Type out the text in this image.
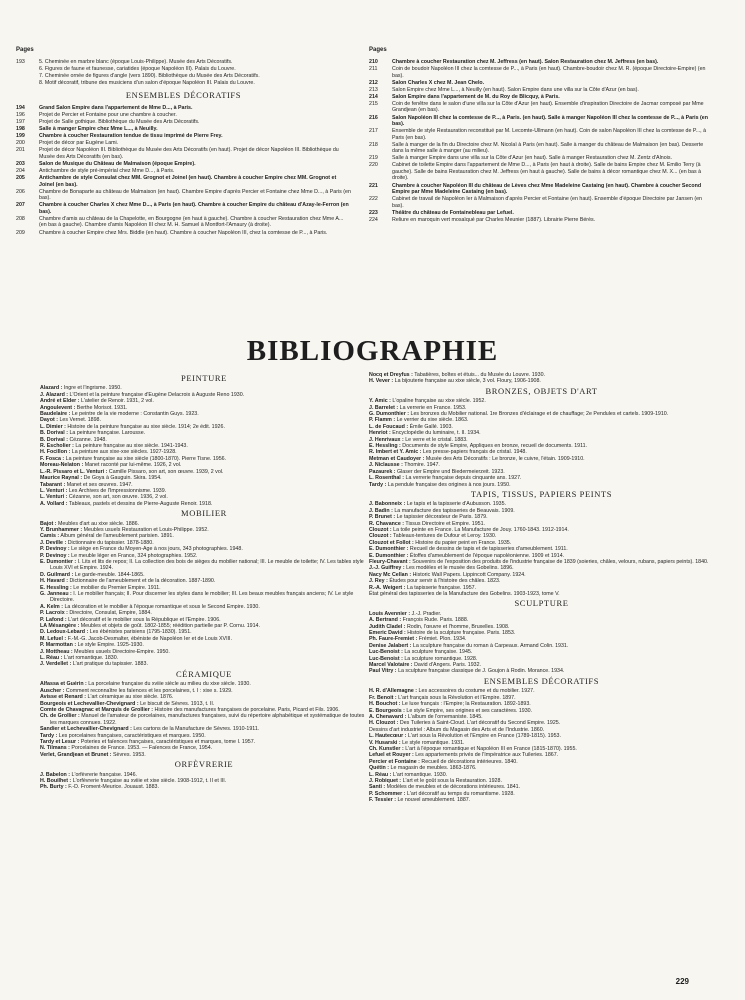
Pages
193	5. Cheminée en marbre blanc (époque Louis-Philippe). Musée des Arts Décoratifs.
6. Figures de faune et faunesse, cariatides (époque Napoléon III). Palais du Louvre.
7. Cheminée ornée de figures d'angle (vers 1890). Bibliothèque du Musée des Arts Décoratifs.
8. Motif décoratif, tribune des musiciens d'un salon d'époque Napoléon III. Palais du Louvre.
ENSEMBLES DÉCORATIFS
194	Grand Salon Empire dans l'appartement de Mme D..., à Paris.
196	Projet de Percier et Fontaine pour une chambre à coucher.
197	Projet de Salle gothique. Bibliothèque du Musée des Arts Décoratifs.
198	Salle à manger Empire chez Mme L..., à Neuilly.
199	Chambre à coucher Restauration tendue de tissu imprimé de Pierre Frey.
200	Projet de décor par Eugène Lami.
201	Projet de décor Napoléon III. Bibliothèque du Musée des Arts Décoratifs (en haut). Projet de décor Napoléon III. Bibliothèque du Musée des Arts Décoratifs (en bas).
203	Salon de Musique du Château de Malmaison (époque Empire).
204	Antichambre de style pré-impérial chez Mme D..., à Paris.
205	Antichambre de style Consulat chez MM. Grognot et Joinel (en haut). Chambre à coucher Empire chez MM. Grognot et Joinel (en bas).
206	Chambre de Bonaparte au château de Malmaison (en haut). Chambre Empire d'après Percier et Fontaine chez Mme D..., à Paris (en bas).
207	Chambre à coucher Charles X chez Mme D..., à Paris (en haut). Chambre à coucher Empire du château d'Azay-le-Ferron (en bas).
208	Chambre d'amis au château de la Chapelotte, en Bourgogne (en haut à gauche). Chambre à coucher Restauration chez Mme A... (en bas à gauche). Chambre d'amis Napoléon III chez M. H. Samuel à Montfort-l'Amaury (à droite).
209	Chambre à coucher Empire chez Mrs. Biddle (en haut). Chambre à coucher Napoléon III, chez la comtesse de P..., à Paris.
Pages
210	Chambre à coucher Restauration chez M. Jeffress (en haut). Salon Restauration chez M. Jeffress (en bas).
211	Coin de boudoir Napoléon III chez la comtesse de P..., à Paris (en haut). Chambre-boudoir chez M. R. (époque Directoire-Empire) (en bas).
212	Salon Charles X chez M. Jean Chelo.
213	Salon Empire chez Mme L..., à Neuilly (en haut). Salon Empire dans une villa sur la Côte d'Azur (en bas).
214	Salon Empire dans l'appartement de M. du Roy de Blicquy, à Paris.
215	Coin de fenêtre dans le salon d'une villa sur la Côte d'Azur (en haut). Ensemble d'inspiration Directoire de Jacmar composé par Mme Grandjean (en bas).
216	Salon Napoléon III chez la comtesse de P..., à Paris. (en haut). Salle à manger Napoléon III chez la comtesse de P..., à Paris (en bas).
217	Ensemble de style Restauration reconstitué par M. Lecomte-Ullmann (en haut). Coin de salon Napoléon III chez la comtesse de P..., à Paris (en bas).
218	Salle à manger de la fin du Directoire chez M. Nicolaï à Paris (en haut). Salle à manger du château de Malmaison (en bas). Desserte dans la même salle à manger (au milieu).
219	Salle à manger Empire dans une villa sur la Côte d'Azur (en haut). Salle à manger Restauration chez M. Zentz d'Alnois.
220	Cabinet de toilette Empire dans l'appartement de Mme D..., à Paris (en haut à droite). Salle de bains Empire chez M. Emilio Terry (à gauche). Salle de bains Restauration chez M. Jeffress (en haut à gauche). Salle de bains à décor romantique chez M. X... (en bas à droite).
221	Chambre à coucher Napoléon III du château de Lèves chez Mme Madeleine Castaing (en haut). Chambre à coucher Second Empire par Mme Madeleine Castaing (en bas).
222	Cabinet de travail de Napoléon Ier à Malmaison d'après Percier et Fontaine (en haut). Ensemble d'époque Directoire par Jansen (en bas).
223	Théâtre du château de Fontainebleau par Lefuel.
224	Reliure en maroquin vert mosaïqué par Charles Meunier (1887). Librairie Pierre Bérès.
BIBLIOGRAPHIE
PEINTURE
Alazard : Ingre et l'ingrisme. 1950.
J. Alazard : L'Orient et la peinture française d'Eugène Delacroix à Auguste Reno 1930.
André et Elder : L'atelier de Renoir. 1931, 2 vol.
Angoulevent : Berthe Morisot. 1931.
Baudelaire : Le peintre de la vie moderne : Constantin Guys. 1923.
Dayot : Les Vernet. 1898.
L. Dimier : Histoire de la peinture française au xixe siècle. 1914; 2e édit. 1926.
B. Dorival : La peinture française. Larousse.
B. Dorival : Cézanne. 1948.
R. Escholier : La peinture française au xixe siècle. 1941-1943.
H. Focillon : La peinture aux xixe-xxe siècles. 1927-1928.
F. Fosca : La peinture française au xixe siècle (1800-1870). Pierre Tisne. 1956.
Moreau-Nelaton : Manet raconté par lui-même. 1926, 2 vol.
L.-R. Pissaro et L. Venturi : Camille Pissaro, son art, son œuvre. 1939, 2 vol.
Maurice Raynal : De Goya à Gauguin. Skira. 1954.
Tabarant : Manet et ses œuvres. 1947.
L. Venturi : Les Archives de l'Impressionnisme. 1939.
L. Venturi : Cézanne, son art, son œuvre. 1936, 2 vol.
A. Vollard : Tableaux, pastels et dessins de Pierre-Auguste Renoir. 1918.
MOBILIER
Bajot : Meubles d'art au xixe siècle. 1886.
Y. Brunhammer : Meubles usuels Restauration et Louis-Philippe. 1952.
Camis : Album général de l'ameublement parisien. 1891.
J. Deville : Dictionnaire du tapissier. 1878-1880.
P. Devinoy : Le siège en France du Moyen-Age à nos jours, 343 photographies. 1948.
P. Devinoy : Le meuble léger en France, 324 photographies. 1952.
E. Dumontier : I. Lits et lits de repos; II. La collection des bois de sièges du mobilier national; III. Le meuble de toilette; IV. Les tables style Louis XVI et Empire. 1924.
D. Guilmard : Le garde-meuble. 1844-1865.
H. Havard : Dictionnaire de l'ameublement et de la décoration. 1887-1890.
E. Hessling : Le mobilier du Premier Empire. 1911.
G. Janneau : I. Le mobilier français; II. Pour discerner les styles dans le mobilier; III. Les beaux meubles français anciens; IV. Le style Directoire.
A. Kelm : La décoration et le mobilier à l'époque romantique et sous le Second Empire. 1930.
P. Lacroix : Directoire, Consulat, Empire, 1884.
P. Lafond : L'art décoratif et le mobilier sous la République et l'Empire. 1906.
LA Mésangère : Meubles et objets de goût. 1802-1855; réédition partielle par P. Cornu. 1914.
D. Ledoux-Lebard : Les ébénistes parisiens (1795-1830). 1951.
M. Lefuel : F.-M.-G. Jacob-Desmalter, ébéniste de Napoléon Ier et de Louis XVIII.
P. Marmottan : Le style Empire. 1925-1930.
J. Mottheau : Meubles usuels Directoire-Empire. 1950.
L. Réau : L'art romantique. 1830.
J. Verdellet : L'art pratique du tapissier. 1883.
CÉRAMIQUE
Alfassa et Guérin : La porcelaine française du xviiie siècle au milieu du xixe siècle. 1930.
Auscher : Comment reconnaître les faïences et les porcelaines, t. I : xixe s. 1929.
Avisse et Renard : L'art céramique au xixe siècle. 1876.
Bourgeois et Lechevallier-Chevignard : Le biscuit de Sèvres. 1913, t. II.
Comte de Chavagnac et Marquis de Grollier : Histoire des manufactures françaises de porcelaine. Paris, Picard et Fils. 1906.
Ch. de Grollier : Manuel de l'amateur de porcelaines, manufactures françaises, suivi du répertoire alphabétique et systématique de toutes les marques connues. 1922.
Sandier et Lechevallier-Chevignard : Les cartons de la Manufacture de Sèvres. 1910-1911.
Tardy : Les porcelaines françaises, caractéristiques et marques. 1950.
Tardy et Lesur : Poteries et faïences françaises, caractéristiques et marques, tome I. 1957.
N. Tilmans : Porcelaines de France. 1953. — Faïences de France, 1954.
Verlet, Grandjean et Brunet : Sèvres. 1953.
ORFÈVRERIE
J. Babelon : L'orfèvrerie française. 1946.
H. Bouilhet : L'orfèvrerie française au xviiie et xixe siècle. 1908-1912, t. II et III.
Ph. Burty : F.-D. Froment-Meurice. Jouaust. 1883.
Nocq et Dreyfus : Tabatières, boîtes et étuis... du Musée du Louvre. 1930.
H. Vever : La bijouterie française au xixe siècle, 3 vol. Floury, 1906-1908.
BRONZES, OBJETS D'ART
Y. Amic : L'opaline française au xixe siècle. 1952.
J. Barrelet : La verrerie en France. 1953.
G. Dumonthier : Les bronzes du Mobilier national. 1re Bronzes d'éclairage et de chauffage; 2e Pendules et cartels. 1909-1910.
P. Flamm : Le verrier du xixe siècle. 1863.
L. de Foucaud : Émile Gallé. 1903.
Henriot : Encyclopédie du luminaire, t. II. 1934.
J. Henrivaux : Le verre et le cristal. 1883.
E. Hessling : Documents de style Empire, Appliques en bronze, recueil de documents. 1911.
R. Imbert et Y. Amic : Les presse-papiers français de cristal. 1948.
Metman et Caudoyer : Musée des Arts Décoratifs : Le bronze, le cuivre, l'étain. 1909-1910.
J. Niclausse : Thomire. 1947.
Pazaurek : Glaser der Empire und Biedermeierzeit. 1923.
L. Rosenthal : La verrerie française depuis cinquante ans. 1927.
Tardy : La pendule française des origines à nos jours. 1950.
TAPIS, TISSUS, PAPIERS PEINTS
J. Babonneix : Le tapis et la tapisserie d'Aubusson. 1935.
J. Badin : La manufacture des tapisseries de Beauvais. 1909.
P. Brunet : Le tapissier décorateur de Paris. 1879.
R. Chavance : Tissus Directoire et Empire. 1951.
Clouzot : La toile peinte en France. La Manufacture de Jouy. 1760-1843. 1912-1914.
Clouzot : Tableaux-tentures de Dufour et Leroy. 1930.
Clouzot et Follot : Histoire du papier peint en France. 1935.
E. Dumonthier : Recueil de dessins de tapis et de tapisseries d'ameublement. 1911.
E. Dumonthier : Étoffes d'ameublement de l'époque napoléonienne. 1909 et 1914.
Fleury-Chavant : Souvenirs de l'exposition des produits de l'industrie française de 1839 (soieries, châles, velours, rubans, papiers peints). 1840.
J.-J. Guiffrey : Les modèles et le musée des Gobelins. 1896.
Nacy Mc Cellan : Historic Wall Papers. Lippincott Company. 1924.
J. Rey : Études pour servir à l'histoire des châles. 1823.
R.-A. Weigert : La tapisserie française. 1957.
État général des tapisseries de la Manufacture des Gobelins. 1903-1923, tome V.
SCULPTURE
Louis Avennier : J.-J. Pradier.
A. Bertrand : François Rude. Paris. 1888.
Judith Cladel : Rodin, l'œuvre et l'homme, Bruxelles. 1908.
Emeric David : Histoire de la sculpture française. Paris. 1853.
Ph. Faure-Fremiet : Frémiet. Plon. 1934.
Denise Jalabert : La sculpture française du roman à Carpeaux. Armand Colin. 1931.
Luc-Benoist : La sculpture française. 1945.
Luc-Benoist : La sculpture romantique. 1928.
Marcel Valotaire : David d'Angers. Paris. 1932.
Paul Vitry : La sculpture française classique de J. Goujon à Rodin. Morance. 1934.
ENSEMBLES DÉCORATIFS
H. R. d'Allemagne : Les accessoires du costume et du mobilier. 1927.
Fr. Benoit : L'art français sous la Révolution et l'Empire. 1897.
H. Bouchot : Le luxe français : l'Empire; la Restauration. 1892-1893.
E. Bourgeois : Le style Empire, ses origines et ses caractères. 1930.
A. Chenavard : L'album de l'ornemaniste. 1845.
H. Clouzot : Des Tuileries à Saint-Cloud. L'art décoratif du Second Empire. 1925.
Dessins d'art industriel : Album du Magasin des Arts et de l'Industrie. 1860.
L. Hautecœur : L'art sous la Révolution et l'Empire en France (1789-1815). 1953.
V. Husarski : Le style romantique. 1931.
Ch. Kunstler : L'art à l'époque romantique et Napoléon III en France (1815-1870). 1955.
Lefuel et Rouyer : Les appartements privés de l'Impératrice aux Tuileries. 1867.
Percier et Fontaine : Recueil de décorations intérieures. 1840.
Quétin : Le magasin de meubles. 1863-1876.
L. Réau : L'art romantique. 1930.
J. Robiquet : L'art et le goût sous la Restauration. 1928.
Santi : Modèles de meubles et de décorations intérieures. 1841.
P. Schommer : L'art décoratif au temps du romantisme. 1928.
F. Tessier : Le nouvel ameublement. 1887.
229
